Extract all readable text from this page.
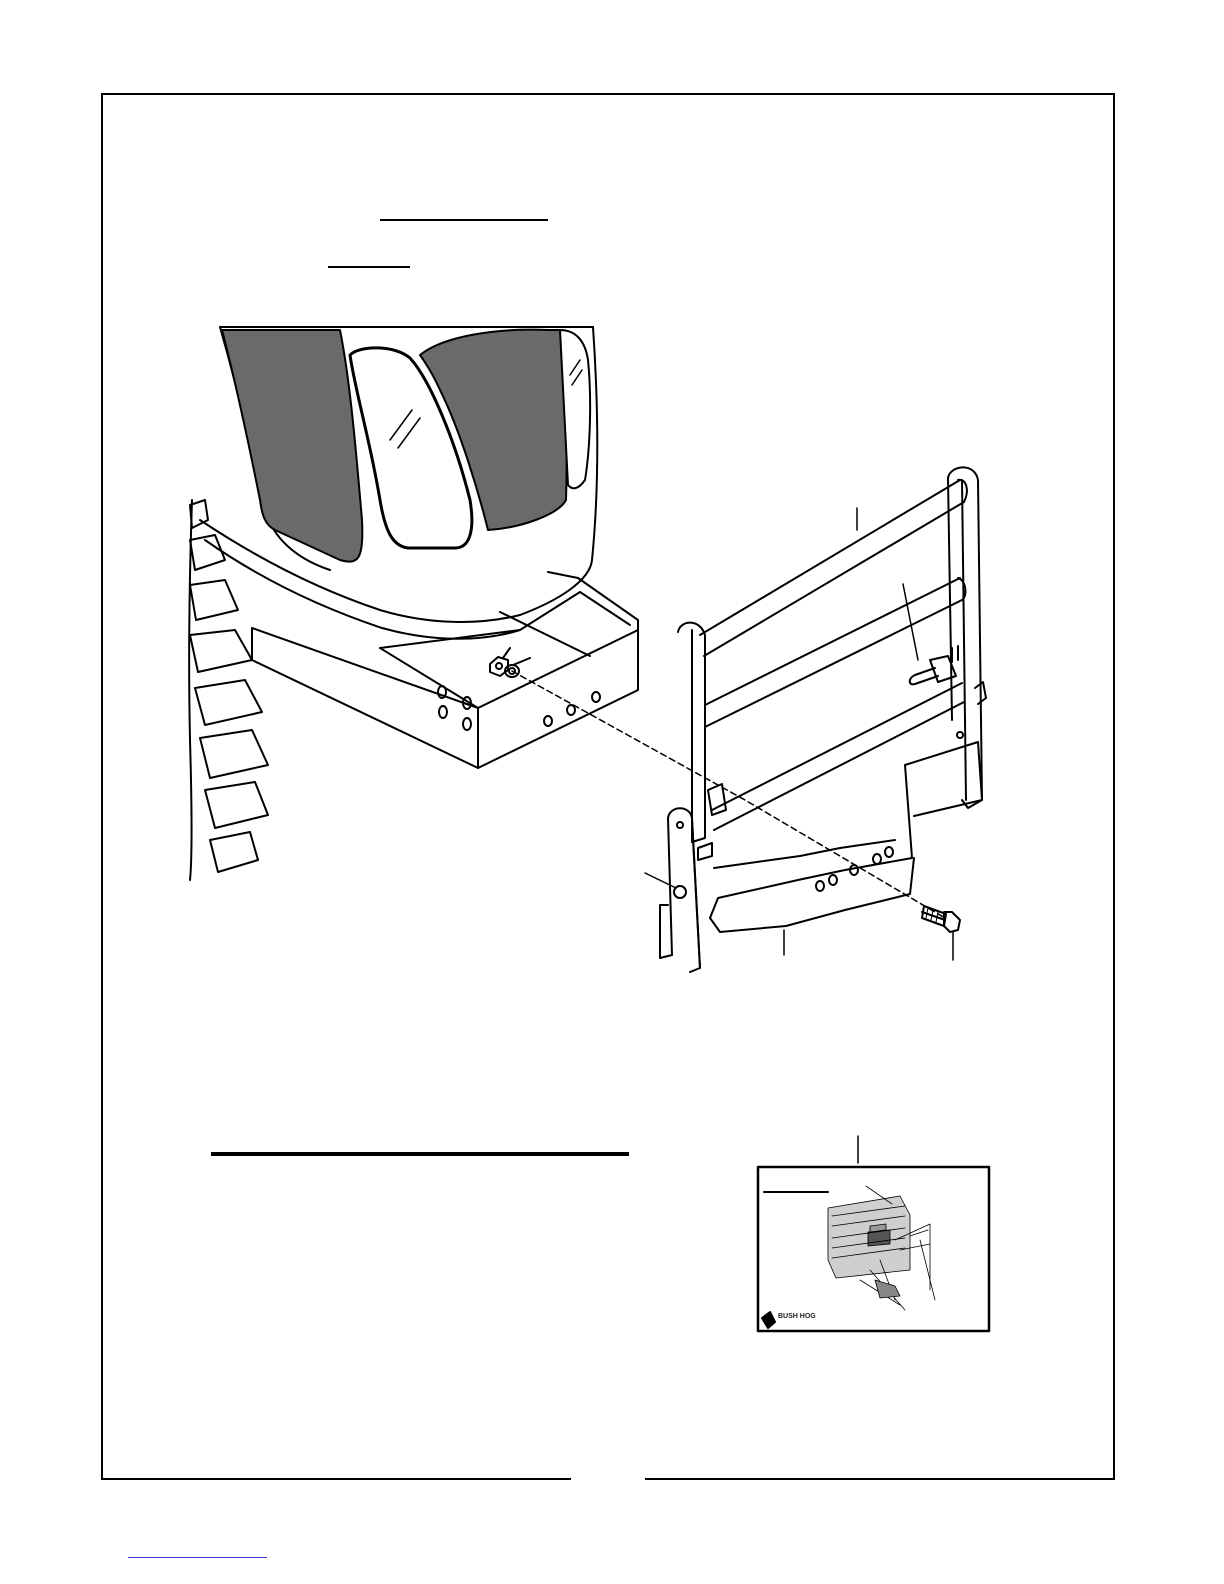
BUSH HOG
